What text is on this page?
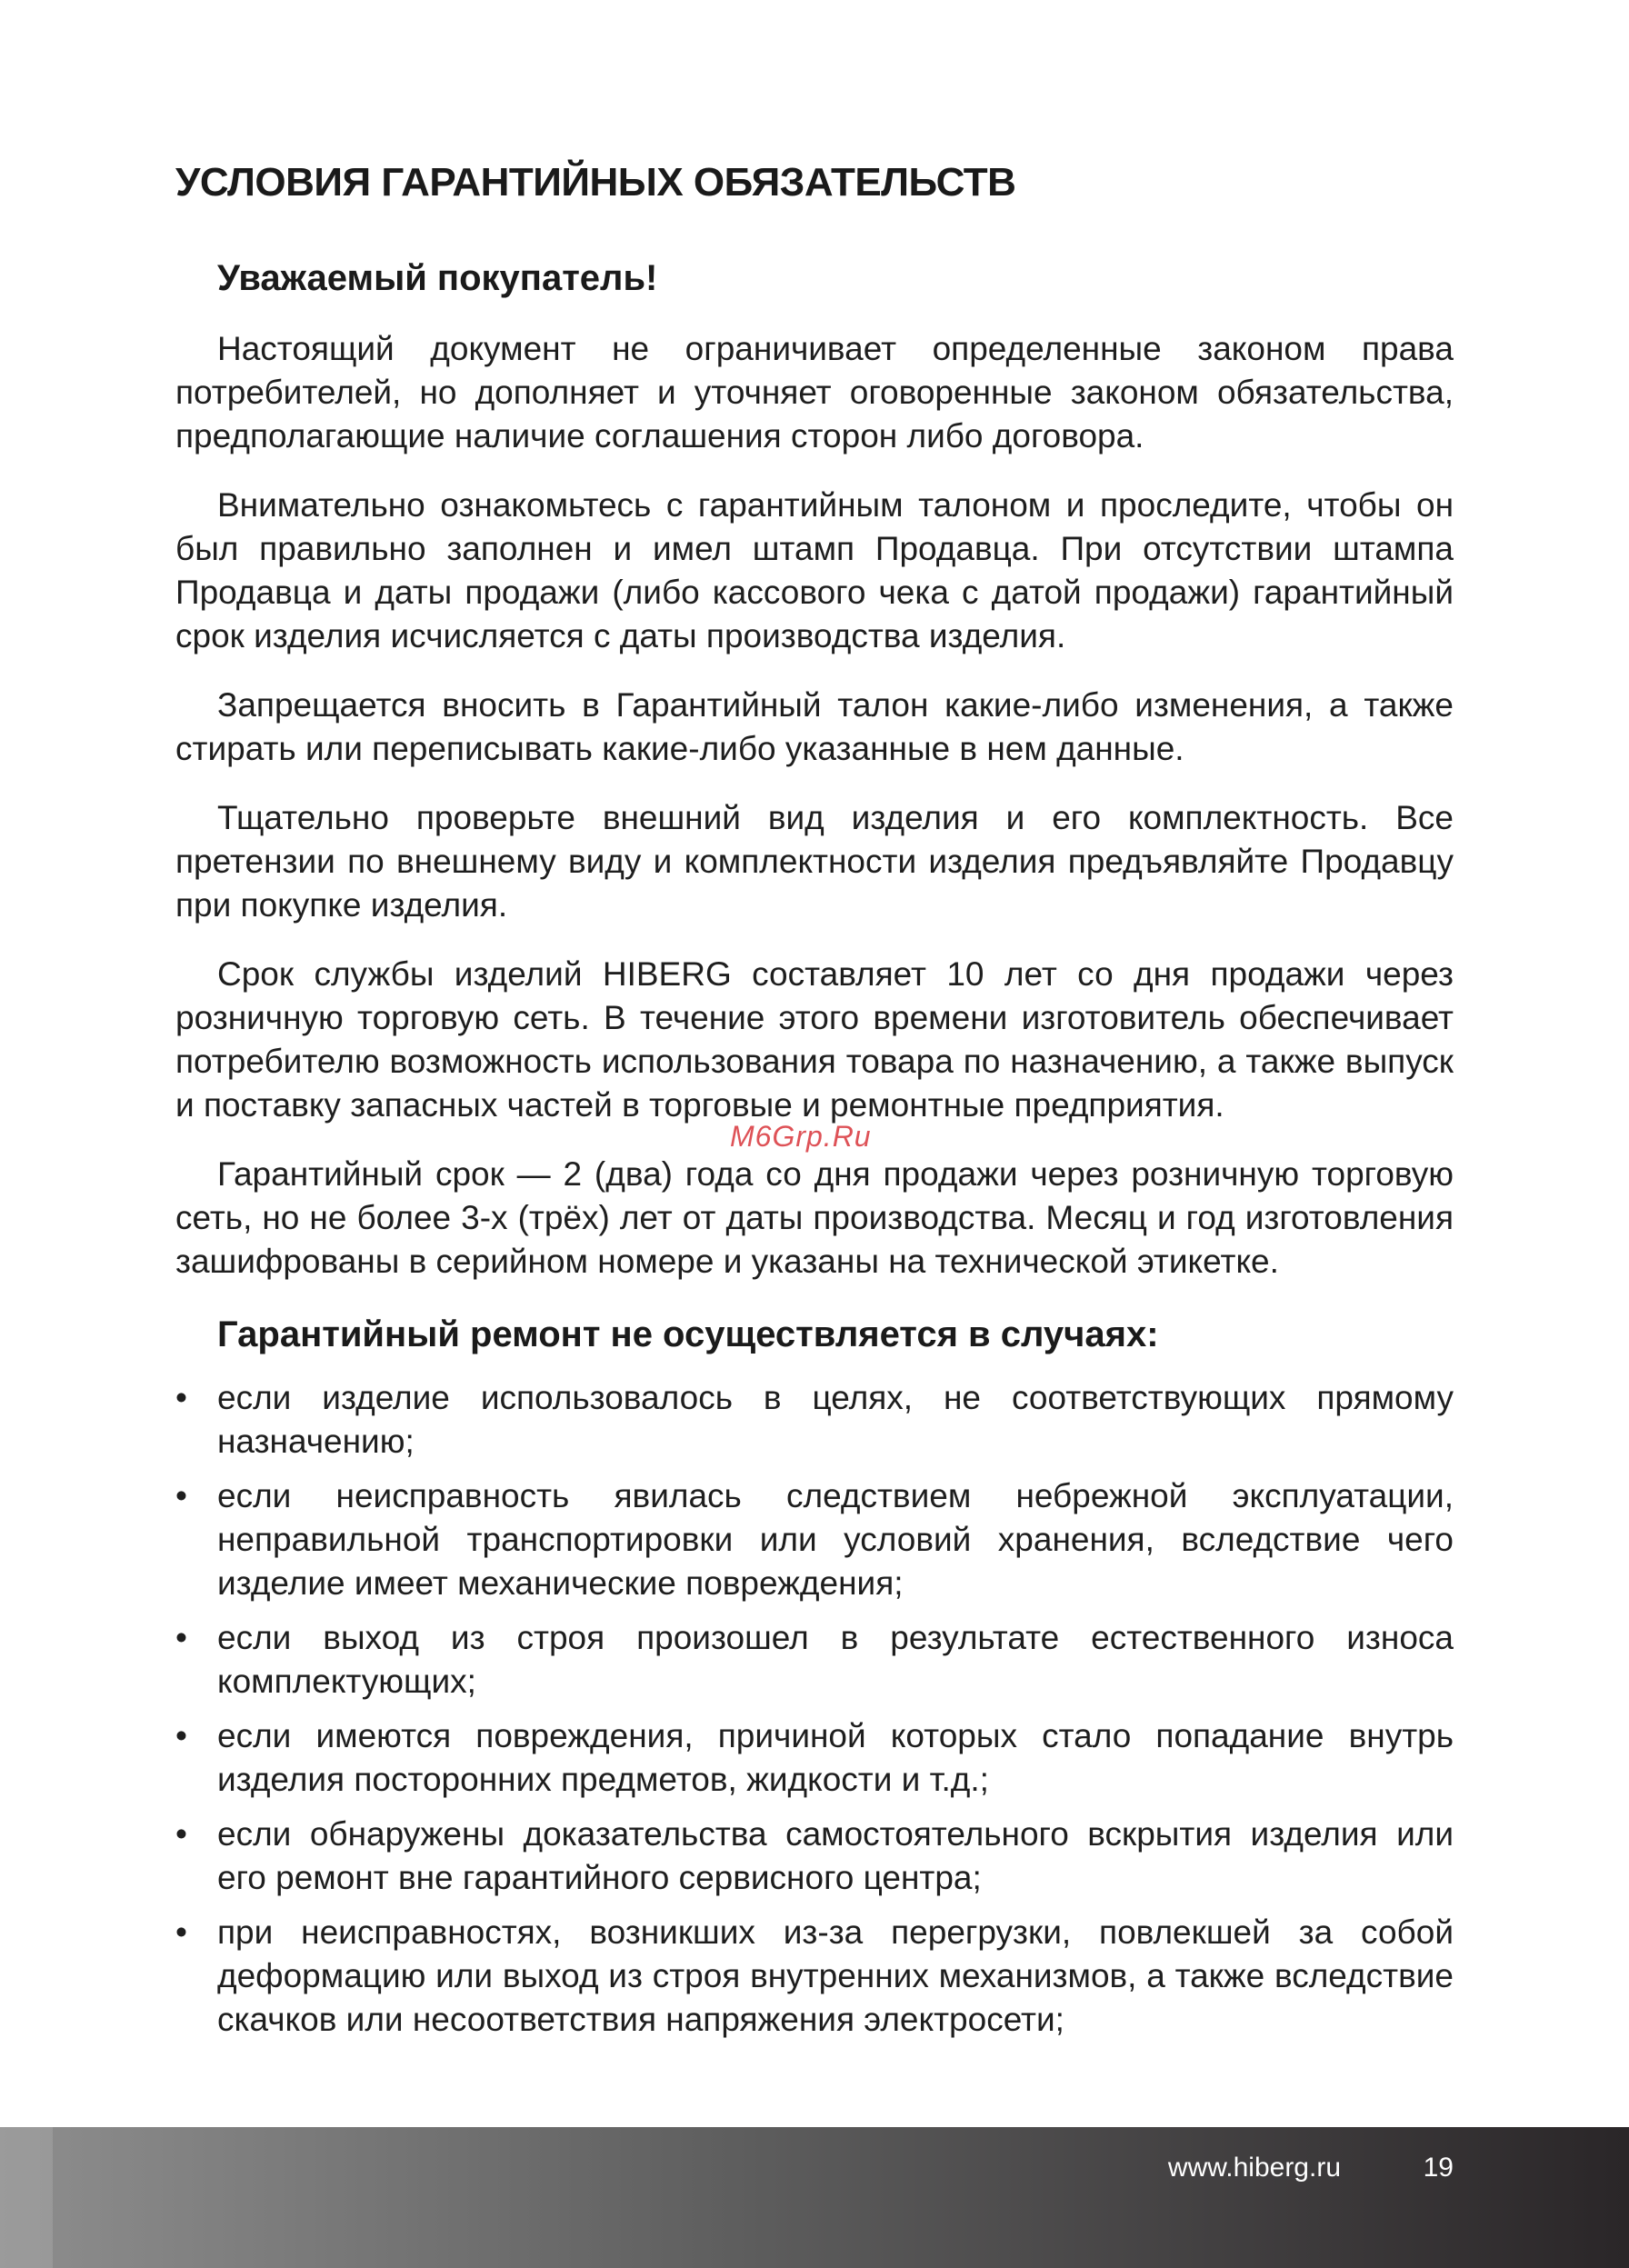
УСЛОВИЯ ГАРАНТИЙНЫХ ОБЯЗАТЕЛЬСТВ
Уважаемый покупатель!

Настоящий документ не ограничивает определенные законом права потребителей, но дополняет и уточняет оговоренные законом обязательства, предполагающие наличие соглашения сторон либо договора.

Внимательно ознакомьтесь с гарантийным талоном и проследите, чтобы он был правильно заполнен и имел штамп Продавца. При отсутствии штампа Продавца и даты продажи (либо кассового чека с датой продажи) гарантийный срок изделия исчисляется с даты производства изделия.

Запрещается вносить в Гарантийный талон какие-либо изменения, а также стирать или переписывать какие-либо указанные в нем данные.

Тщательно проверьте внешний вид изделия и его комплектность. Все претензии по внешнему виду и комплектности изделия предъявляйте Продавцу при покупке изделия.

Срок службы изделий HIBERG составляет 10 лет со дня продажи через розничную торговую сеть. В течение этого времени изготовитель обеспечивает потребителю возможность использования товара по назначению, а также выпуск и поставку запасных частей в торговые и ремонтные предприятия.

Гарантийный срок — 2 (два) года со дня продажи через розничную торговую сеть, но не более 3-х (трёх) лет от даты производства. Месяц и год изготовления зашифрованы в серийном номере и указаны на технической этикетке.

Гарантийный ремонт не осуществляется в случаях:
• если изделие использовалось в целях, не соответствующих прямому назначению;
• если неисправность явилась следствием небрежной эксплуатации, неправильной транспортировки или условий хранения, вследствие чего изделие имеет механические повреждения;
• если выход из строя произошел в результате естественного износа комплектующих;
• если имеются повреждения, причиной которых стало попадание внутрь изделия посторонних предметов, жидкости и т.д.;
• если обнаружены доказательства самостоятельного вскрытия изделия или его ремонт вне гарантийного сервисного центра;
• при неисправностях, возникших из-за перегрузки, повлекшей за собой деформацию или выход из строя внутренних механизмов, а также вследствие скачков или несоответствия напряжения электросети;
M6Grp.Ru
www.hiberg.ru	19
